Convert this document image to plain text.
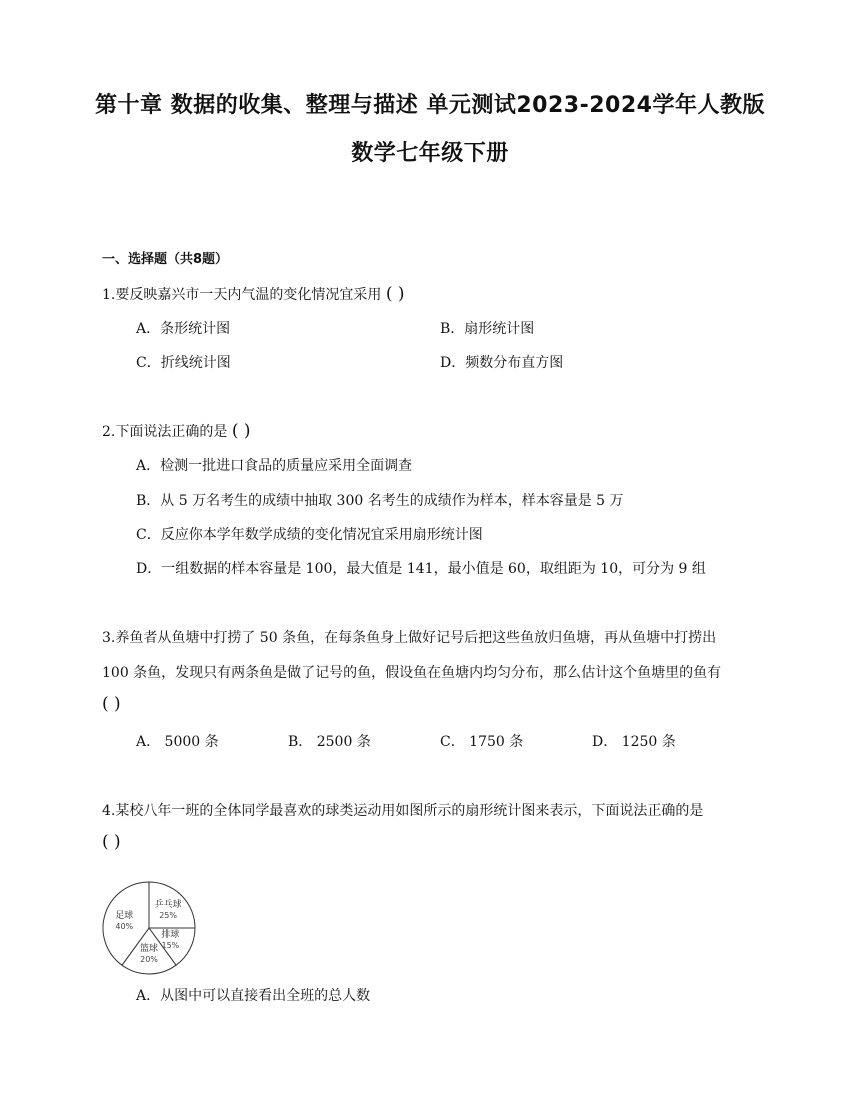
第十章 数据的收集、整理与描述 单元测试2023-2024学年人教版
数学七年级下册
一、选择题（共8题）
1.要反映嘉兴市一天内气温的变化情况宜采用 ( )
A．条形统计图	B．扇形统计图
C．折线统计图	D．频数分布直方图
2.下面说法正确的是 ( )
A．检测一批进口食品的质量应采用全面调查
B．从 5 万名考生的成绩中抽取 300 名考生的成绩作为样本，样本容量是 5 万
C．反应你本学年数学成绩的变化情况宜采用扇形统计图
D．一组数据的样本容量是 100，最大值是 141，最小值是 60，取组距为 10，可分为 9 组
3.养鱼者从鱼塘中打捞了 50 条鱼，在每条鱼身上做好记号后把这些鱼放归鱼塘，再从鱼塘中打捞出
100 条鱼，发现只有两条鱼是做了记号的鱼，假设鱼在鱼塘内均匀分布，那么估计这个鱼塘里的鱼有
( )
A． 5000 条	B． 2500 条	C． 1750 条	D． 1250 条
4.某校八年一班的全体同学最喜欢的球类运动用如图所示的扇形统计图来表示，下面说法正确的是
( )
乒乓球
25%
排球
15%
篮球
20%
足球
40%
A．从图中可以直接看出全班的总人数
